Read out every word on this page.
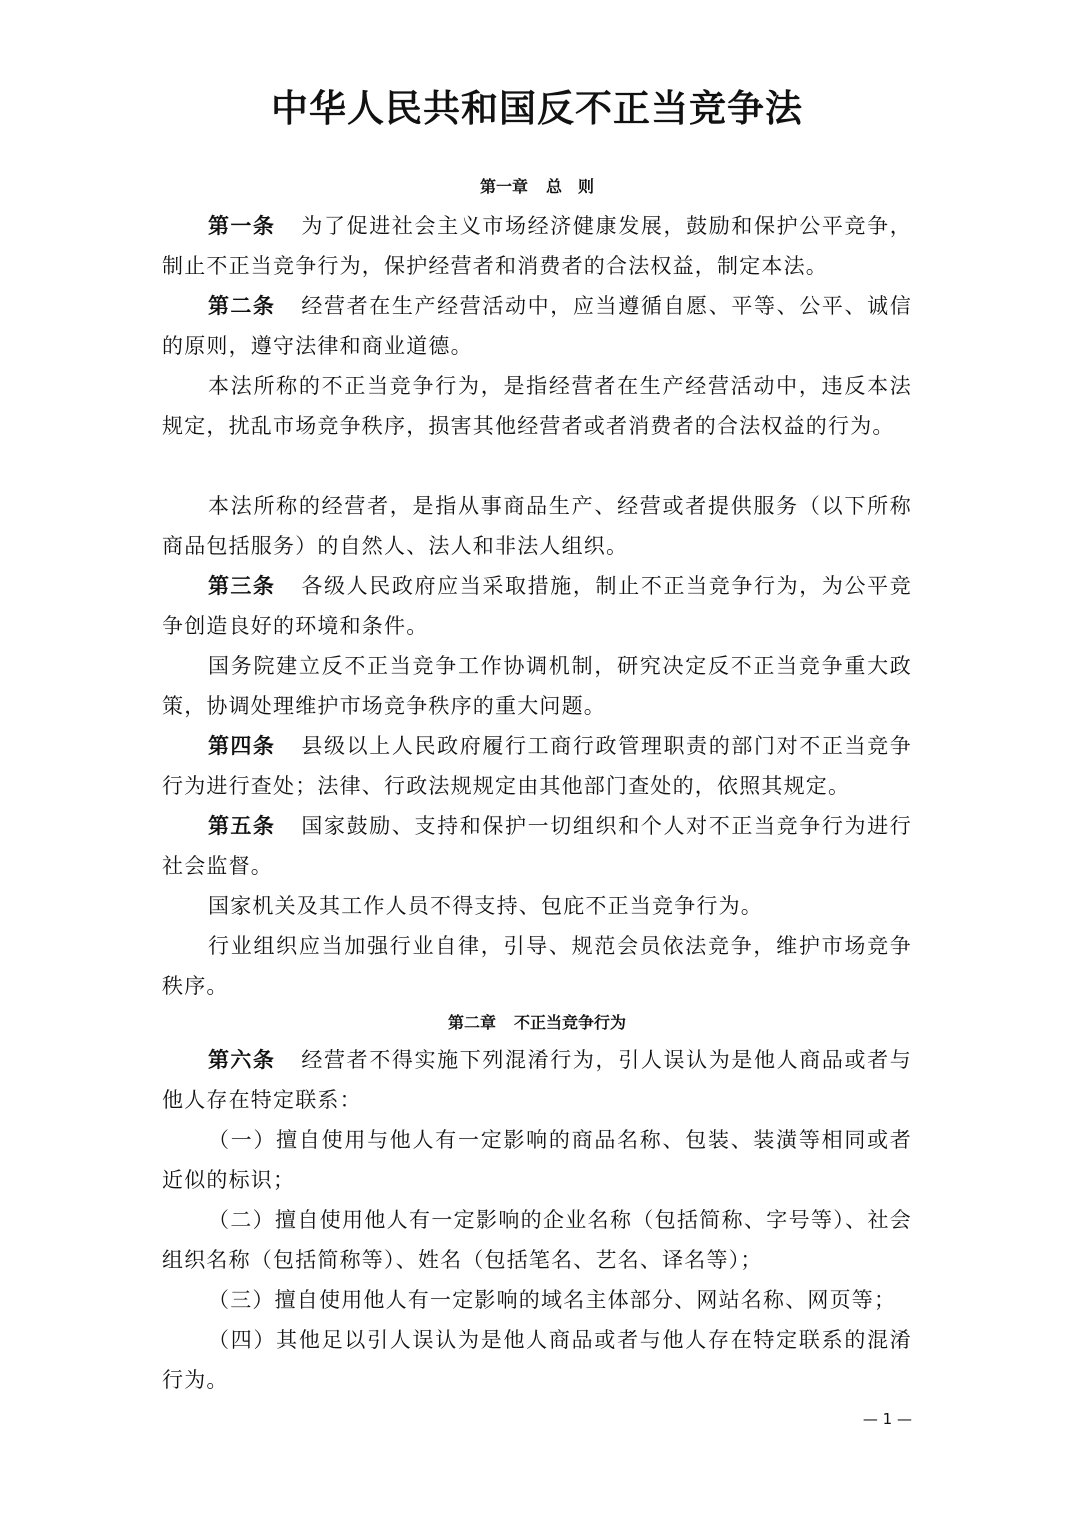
中华人民共和国反不正当竞争法
第一章 总　则
第一条 为了促进社会主义市场经济健康发展，鼓励和保护公平竞争，制止不正当竞争行为，保护经营者和消费者的合法权益，制定本法。
第二条 经营者在生产经营活动中，应当遵循自愿、平等、公平、诚信的原则，遵守法律和商业道德。
本法所称的不正当竞争行为，是指经营者在生产经营活动中，违反本法规定，扰乱市场竞争秩序，损害其他经营者或者消费者的合法权益的行为。
本法所称的经营者，是指从事商品生产、经营或者提供服务（以下所称商品包括服务）的自然人、法人和非法人组织。
第三条 各级人民政府应当采取措施，制止不正当竞争行为，为公平竞争创造良好的环境和条件。
国务院建立反不正当竞争工作协调机制，研究决定反不正当竞争重大政策，协调处理维护市场竞争秩序的重大问题。
第四条 县级以上人民政府履行工商行政管理职责的部门对不正当竞争行为进行查处；法律、行政法规规定由其他部门查处的，依照其规定。
第五条 国家鼓励、支持和保护一切组织和个人对不正当竞争行为进行社会监督。
国家机关及其工作人员不得支持、包庇不正当竞争行为。
行业组织应当加强行业自律，引导、规范会员依法竞争，维护市场竞争秩序。
第二章 不正当竞争行为
第六条 经营者不得实施下列混淆行为，引人误认为是他人商品或者与他人存在特定联系：
（一）擅自使用与他人有一定影响的商品名称、包装、装潢等相同或者近似的标识；
（二）擅自使用他人有一定影响的企业名称（包括简称、字号等）、社会组织名称（包括简称等）、姓名（包括笔名、艺名、译名等）；
（三）擅自使用他人有一定影响的域名主体部分、网站名称、网页等；
（四）其他足以引人误认为是他人商品或者与他人存在特定联系的混淆行为。
— 1 —
